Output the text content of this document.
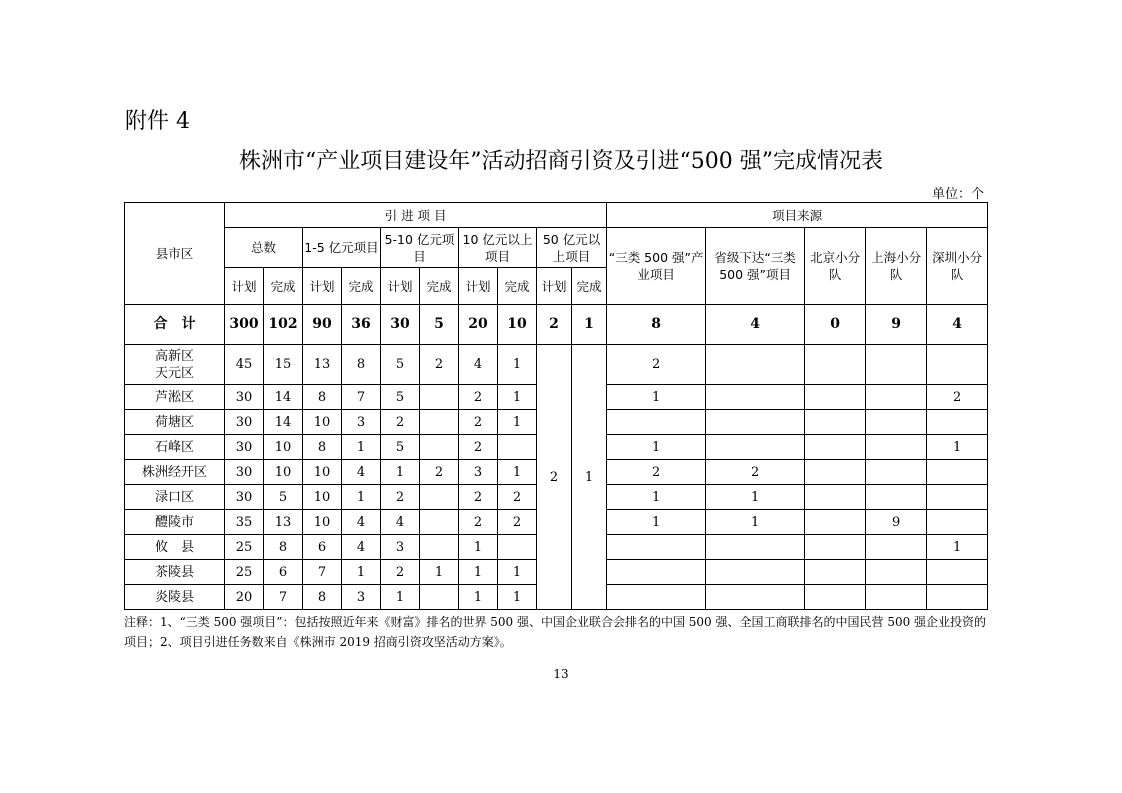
附件 4
株洲市“产业项目建设年”活动招商引资及引进“500 强”完成情况表
单位：个
县市区	引 进 项 目										项目来源				
	总数		1-5 亿元项目		5-10 亿元项目		10 亿元以上项目		50 亿元以上项目		“三类 500 强”产业项目	省级下达“三类 500 强”项目	北京小分队	上海小分队	深圳小分队
	计划	完成	计划	完成	计划	完成	计划	完成	计划	完成					
合　计	300	102	90	36	30	5	20	10	2	1	8	4	0	9	4
高新区 天元区	45	15	13	8	5	2	4	1	2	1	2				
芦淞区	30	14	8	7	5		2	1			1				2
荷塘区	30	14	10	3	2		2	1							
石峰区	30	10	8	1	5		2				1				1
株洲经开区	30	10	10	4	1	2	3	1			2	2			
渌口区	30	5	10	1	2		2	2			1	1			
醴陵市	35	13	10	4	4		2	2			1	1		9	
攸　县	25	8	6	4	3		1								1
茶陵县	25	6	7	1	2	1	1	1							
炎陵县	20	7	8	3	1		1	1							
注释：1、“三类 500 强项目”：包括按照近年来《财富》排名的世界 500 强、中国企业联合会排名的中国 500 强、全国工商联排名的中国民营 500 强企业投资的项目；2、项目引进任务数来自《株洲市 2019 招商引资攻坚活动方案》。
13
